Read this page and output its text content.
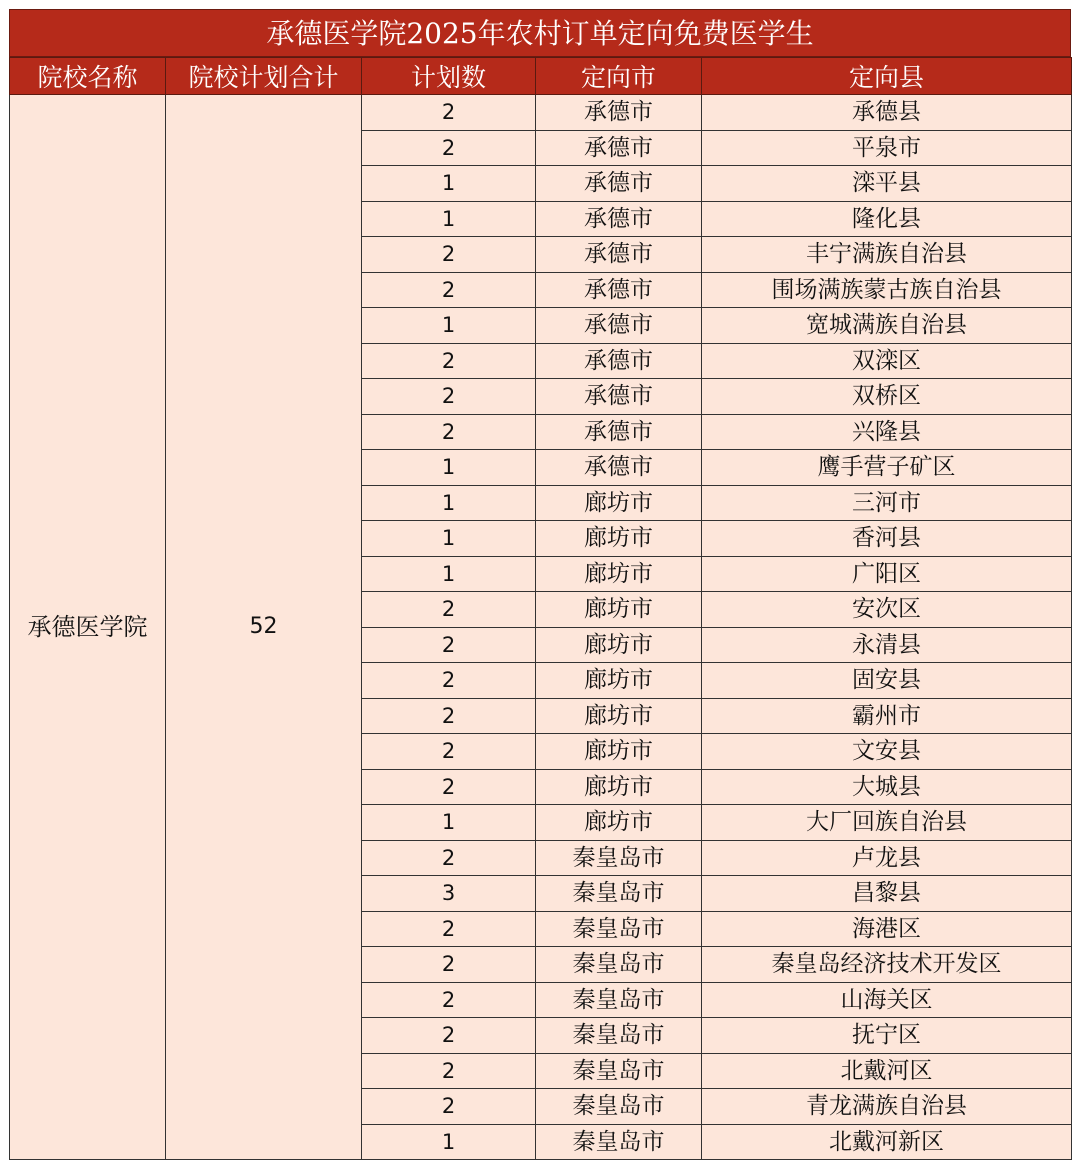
承德医学院2025年农村订单定向免费医学生
院校名称	院校计划合计	计划数	定向市	定向县
承德医学院	52	2	承德市	承德县
		2	承德市	平泉市
		1	承德市	滦平县
		1	承德市	隆化县
		2	承德市	丰宁满族自治县
		2	承德市	围场满族蒙古族自治县
		1	承德市	宽城满族自治县
		2	承德市	双滦区
		2	承德市	双桥区
		2	承德市	兴隆县
		1	承德市	鹰手营子矿区
		1	廊坊市	三河市
		1	廊坊市	香河县
		1	廊坊市	广阳区
		2	廊坊市	安次区
		2	廊坊市	永清县
		2	廊坊市	固安县
		2	廊坊市	霸州市
		2	廊坊市	文安县
		2	廊坊市	大城县
		1	廊坊市	大厂回族自治县
		2	秦皇岛市	卢龙县
		3	秦皇岛市	昌黎县
		2	秦皇岛市	海港区
		2	秦皇岛市	秦皇岛经济技术开发区
		2	秦皇岛市	山海关区
		2	秦皇岛市	抚宁区
		2	秦皇岛市	北戴河区
		2	秦皇岛市	青龙满族自治县
		1	秦皇岛市	北戴河新区
